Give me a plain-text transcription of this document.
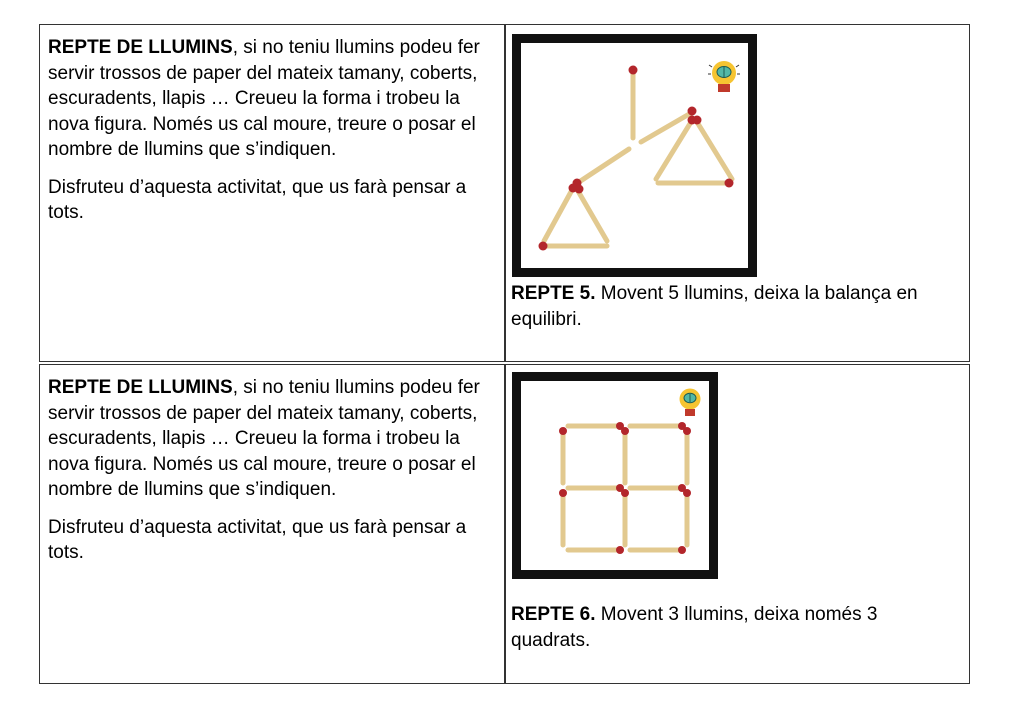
REPTE DE LLUMINS, si no teniu llumins podeu fer servir trossos de paper del mateix tamany, coberts, escuradents, llapis … Creueu la forma i trobeu la nova figura. Només us cal moure, treure o posar el nombre de llumins que s’indiquen.

Disfruteu d’aquesta activitat, que us farà pensar a tots.

REPTE 5. Movent 5 llumins, deixa la balança en equilibri.

REPTE DE LLUMINS, si no teniu llumins podeu fer servir trossos de paper del mateix tamany, coberts, escuradents, llapis … Creueu la forma i trobeu la nova figura. Només us cal moure, treure o posar el nombre de llumins que s’indiquen.

Disfruteu d’aquesta activitat, que us farà pensar a tots.

REPTE 6. Movent 3 llumins, deixa només 3 quadrats.
